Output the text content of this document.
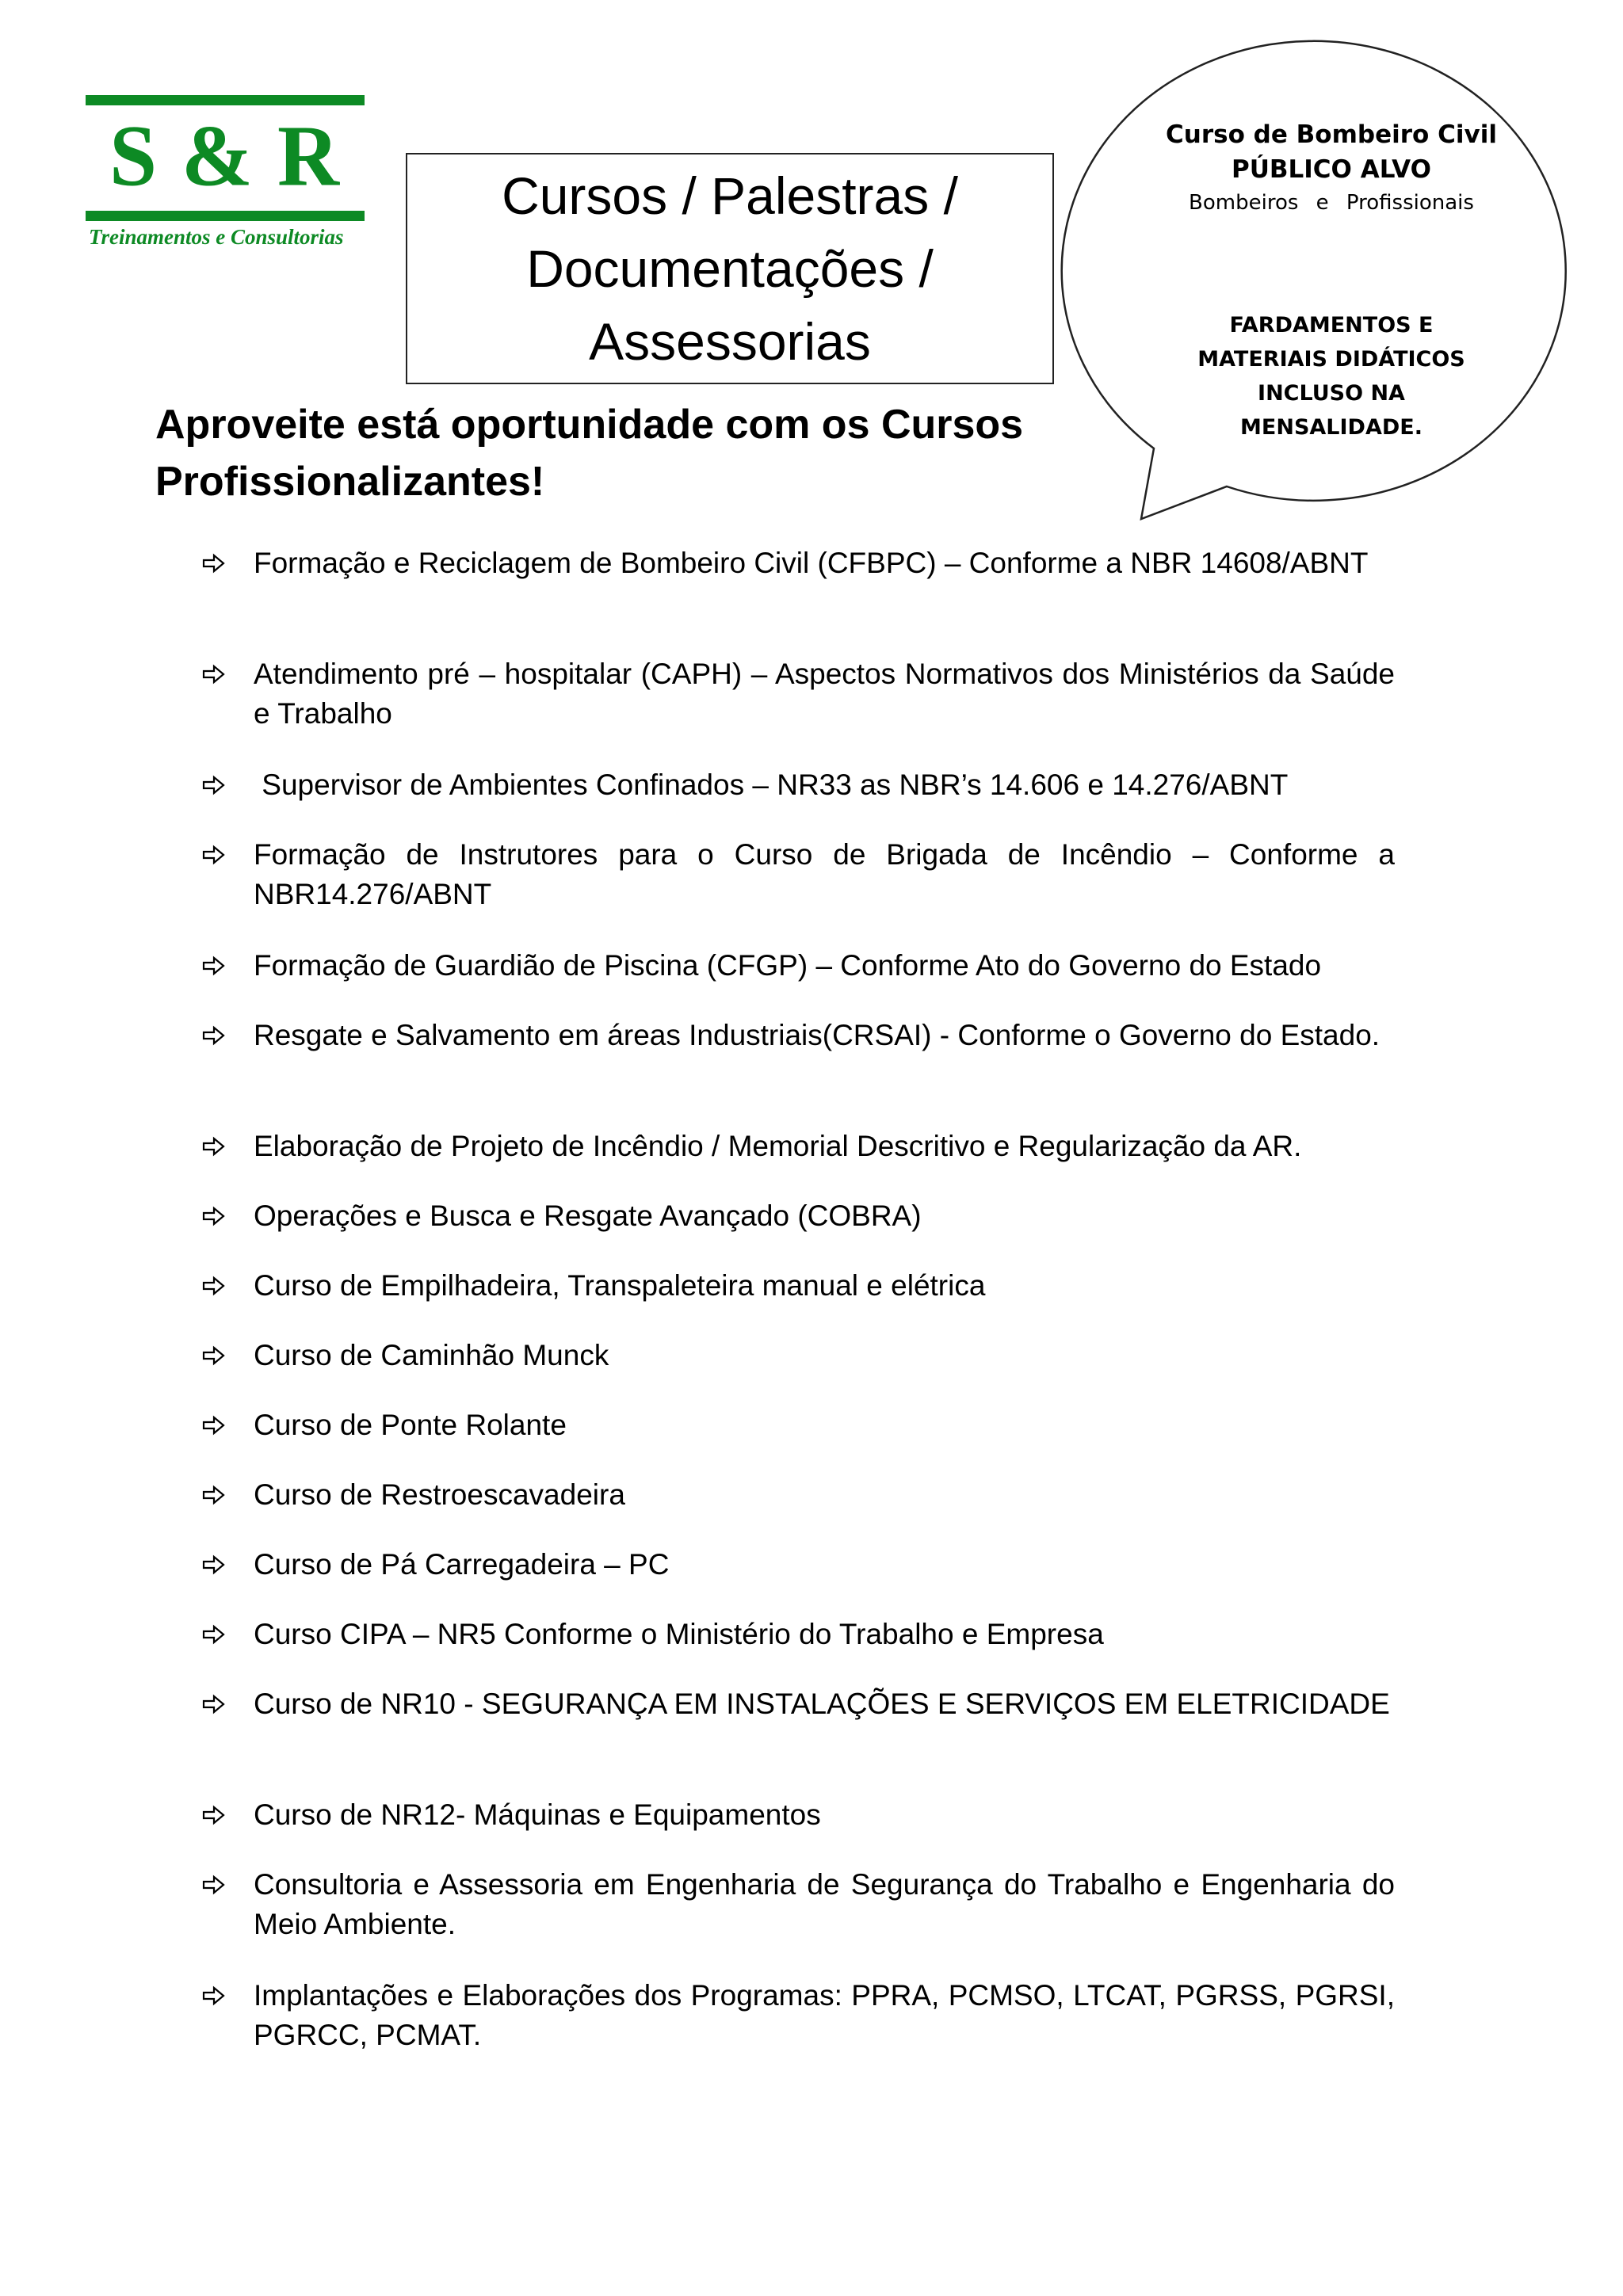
S & R
Treinamentos e Consultorias
Cursos / Palestras /
Documentações /
Assessorias
Curso de Bombeiro Civil
PÚBLICO ALVO
Bombeiros e Profissionais
FARDAMENTOS E
MATERIAIS DIDÁTICOS
INCLUSO NA
MENSALIDADE.
Aproveite está oportunidade com os Cursos
Profissionalizantes!
Formação e Reciclagem de Bombeiro Civil (CFBPC) – Conforme a NBR 14608/ABNT
Atendimento pré – hospitalar (CAPH) – Aspectos Normativos dos Ministérios da Saúde e Trabalho
Supervisor de Ambientes Confinados – NR33 as NBR’s 14.606 e 14.276/ABNT
Formação de Instrutores para o Curso de Brigada de Incêndio – Conforme a NBR14.276/ABNT
Formação de Guardião de Piscina (CFGP) – Conforme Ato do Governo do Estado
Resgate e Salvamento em áreas Industriais(CRSAI) - Conforme o Governo do Estado.
Elaboração de Projeto de Incêndio / Memorial Descritivo e Regularização da AR.
Operações e Busca e Resgate Avançado (COBRA)
Curso de Empilhadeira, Transpaleteira manual e elétrica
Curso de Caminhão Munck
Curso de Ponte Rolante
Curso de Restroescavadeira
Curso de Pá Carregadeira – PC
Curso CIPA – NR5 Conforme o Ministério do Trabalho e Empresa
Curso de NR10 - SEGURANÇA EM INSTALAÇÕES E SERVIÇOS EM ELETRICIDADE
Curso de NR12- Máquinas e Equipamentos
Consultoria e Assessoria em Engenharia de Segurança do Trabalho e Engenharia do Meio Ambiente.
Implantações e Elaborações dos Programas: PPRA, PCMSO, LTCAT, PGRSS, PGRSI, PGRCC, PCMAT.
